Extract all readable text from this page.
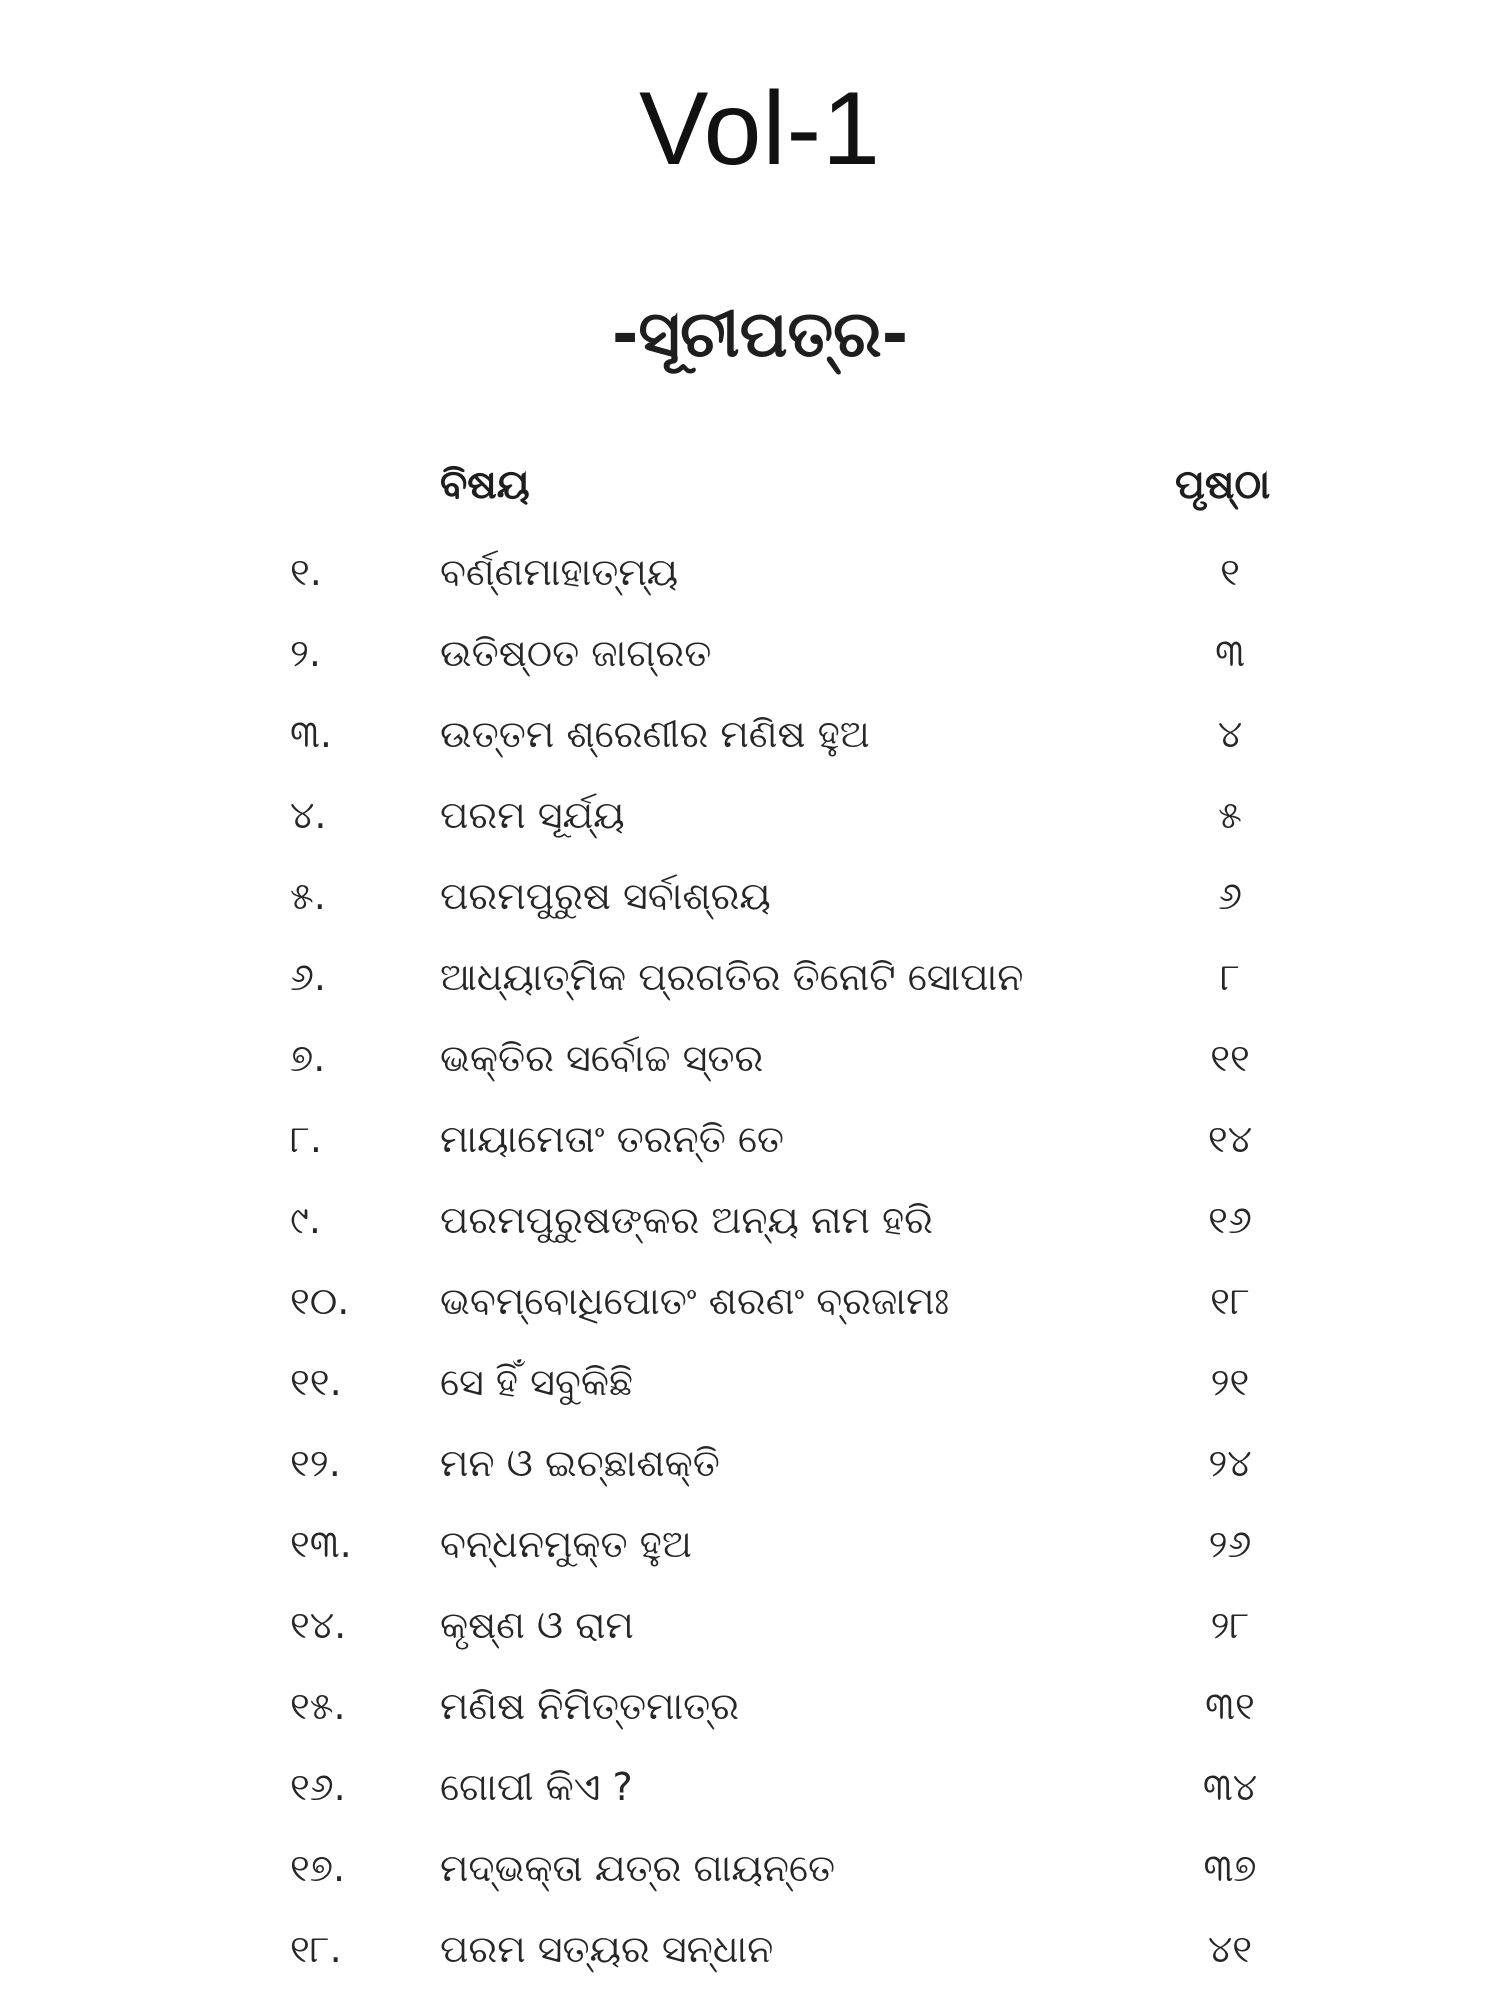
Vol-1
-ସୂଚୀପତ୍ର-
ବିଷୟ	ପୃଷ୍ଠା
୧.	ବର୍ଣ୍ଣମାହାତ୍ମ୍ୟ	୧
୨.	ଉତିଷ୍ଠତ ଜାଗ୍ରତ	୩
୩.	ଉତ୍ତମ ଶ୍ରେଣୀର ମଣିଷ ହୁଅ	୪
୪.	ପରମ ସୂର୍ଯ୍ୟ	୫
୫.	ପରମପୁରୁଷ ସର୍ବାଶ୍ରୟ	୬
୬.	ଆଧ୍ୟାତ୍ମିକ ପ୍ରଗତିର ତିନୋଟି ସୋପାନ	୮
୭.	ଭକ୍ତିର ସର୍ବୋଚ୍ଚ ସ୍ତର	୧୧
୮.	ମାୟାମେତାଂ ତରନ୍ତି ତେ	୧୪
୯.	ପରମପୁରୁଷଙ୍କର ଅନ୍ୟ ନାମ ହରି	୧୬
୧୦. ଭବମ୍ବୋଧିପୋତଂ ଶରଣଂ ବ୍ରଜାମଃ	୧୮
୧୧.	ସେ ହିଁ ସବୁକିଛି	୨୧
୧୨.	ମନ ଓ ଇଚ୍ଛାଶକ୍ତି	୨୪
୧୩. ବନ୍ଧନମୁକ୍ତ ହୁଅ	୨୬
୧୪. କୃଷ୍ଣ ଓ ରାମ	୨୮
୧୫. ମଣିଷ ନିମିତ୍ତମାତ୍ର	୩୧
୧୬. ଗୋପୀ କିଏ ?	୩୪
୧୭. ମଦ୍‌ଭକ୍ତା ଯତ୍ର ଗାୟନ୍ତେ	୩୭
୧୮.	ପରମ ସତ୍ୟର ସନ୍ଧାନ	୪୧
